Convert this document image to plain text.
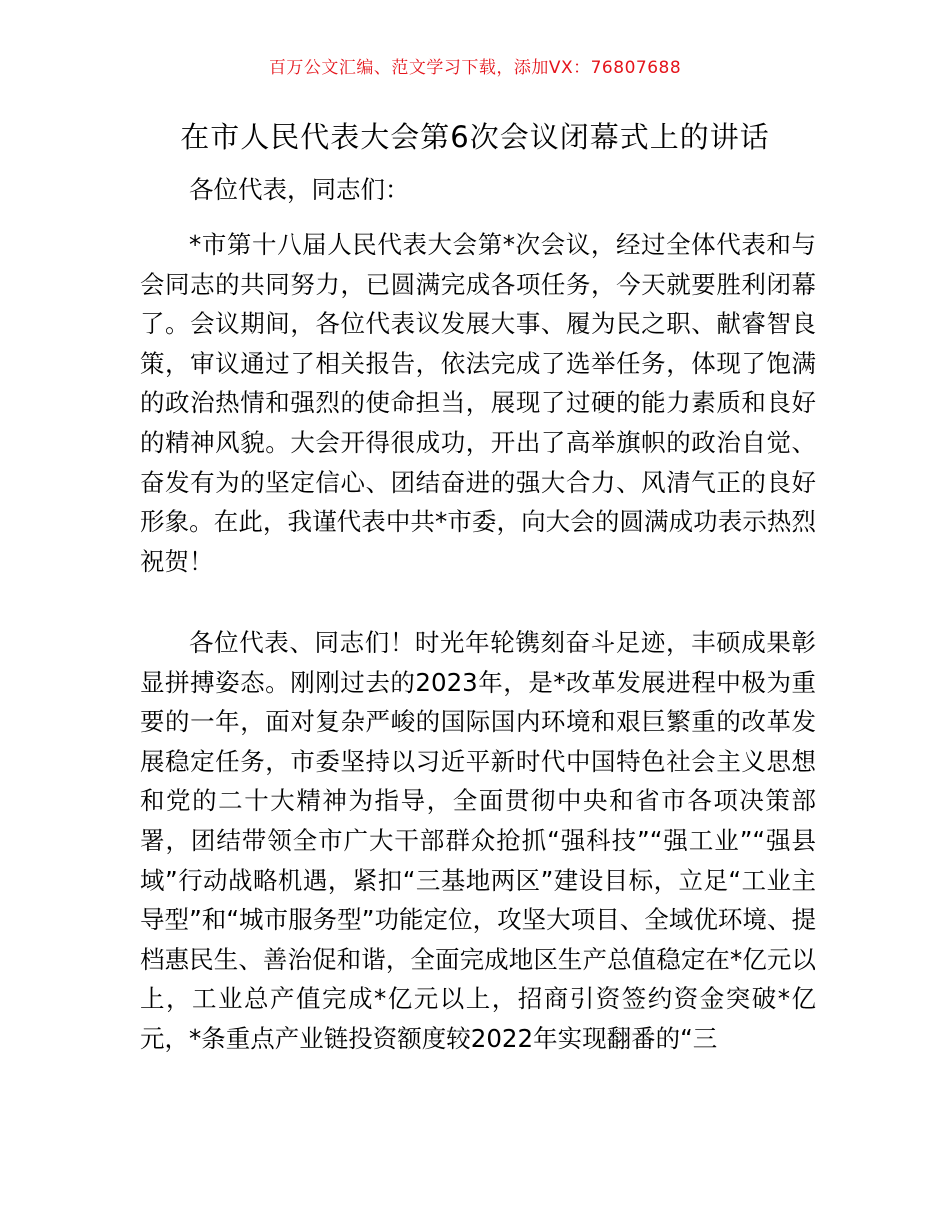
百万公文汇编、范文学习下载，添加VX：76807688
在市人民代表大会第6次会议闭幕式上的讲话

各位代表，同志们：

*市第十八届人民代表大会第*次会议，经过全体代表和与会同志的共同努力，已圆满完成各项任务，今天就要胜利闭幕了。会议期间，各位代表议发展大事、履为民之职、献睿智良策，审议通过了相关报告，依法完成了选举任务，体现了饱满的政治热情和强烈的使命担当，展现了过硬的能力素质和良好的精神风貌。大会开得很成功，开出了高举旗帜的政治自觉、奋发有为的坚定信心、团结奋进的强大合力、风清气正的良好形象。在此，我谨代表中共*市委，向大会的圆满成功表示热烈祝贺！

各位代表、同志们！时光年轮镌刻奋斗足迹，丰硕成果彰显拼搏姿态。刚刚过去的2023年，是*改革发展进程中极为重要的一年，面对复杂严峻的国际国内环境和艰巨繁重的改革发展稳定任务，市委坚持以习近平新时代中国特色社会主义思想和党的二十大精神为指导，全面贯彻中央和省市各项决策部署，团结带领全市广大干部群众抢抓“强科技”“强工业”“强县域”行动战略机遇，紧扣“三基地两区”建设目标，立足“工业主导型”和“城市服务型”功能定位，攻坚大项目、全域优环境、提档惠民生、善治促和谐，全面完成地区生产总值稳定在*亿元以上，工业总产值完成*亿元以上，招商引资签约资金突破*亿元，*条重点产业链投资额度较2022年实现翻番的“三
